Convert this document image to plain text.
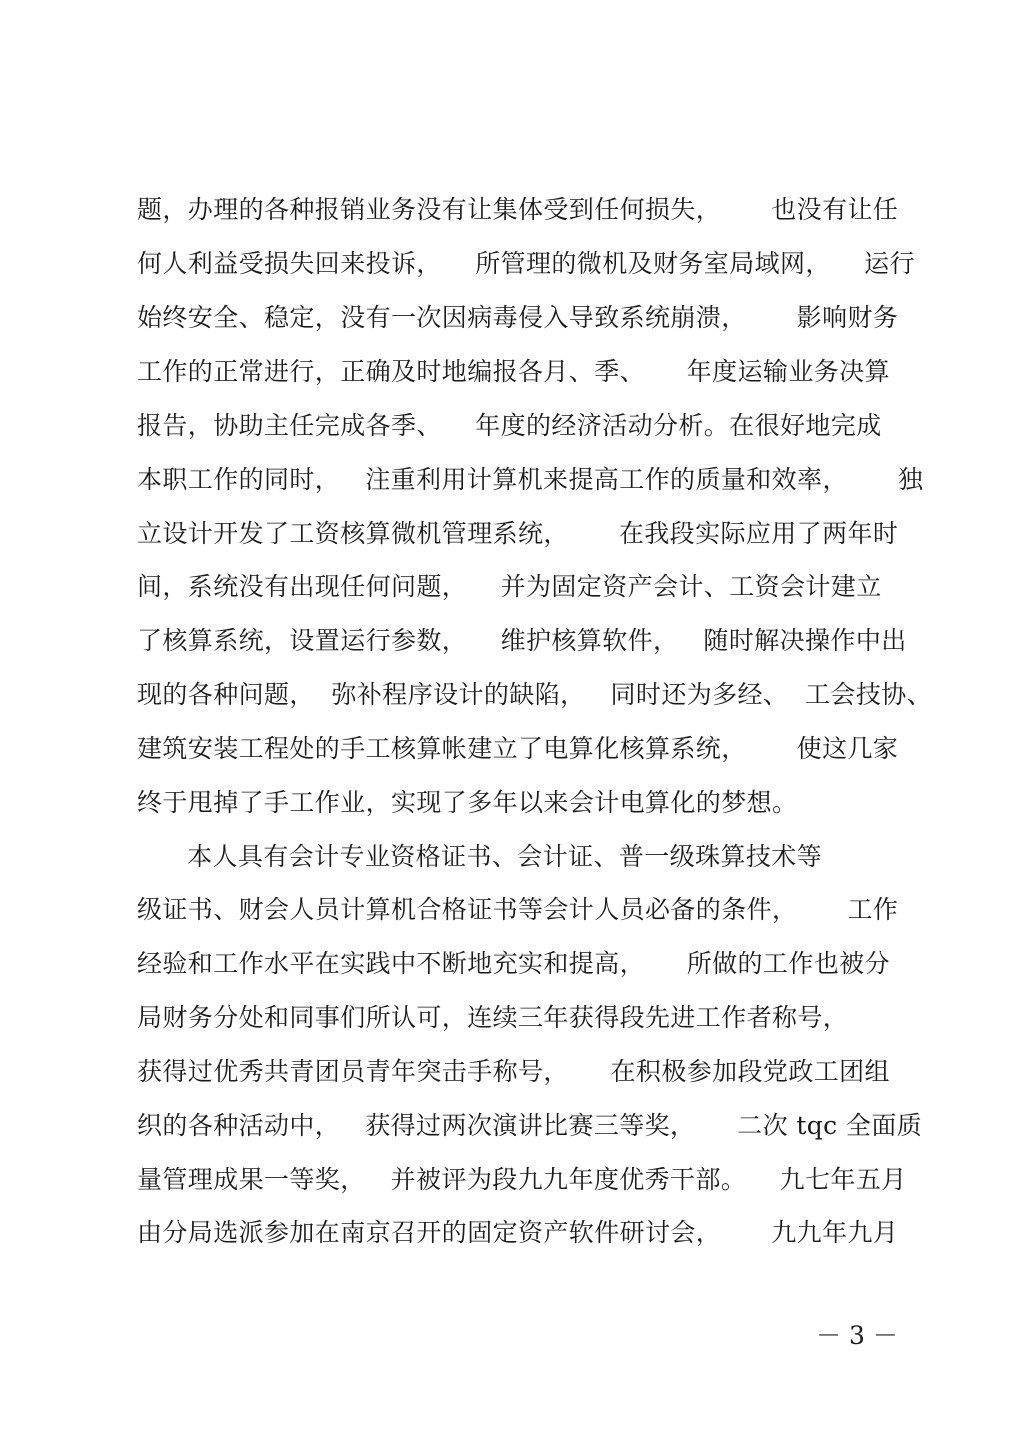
题，办理的各种报销业务没有让集体受到任何损失，      也没有让任
何人利益受损失回来投诉，    所管理的微机及财务室局域网，    运行
始终安全、稳定，没有一次因病毒侵入导致系统崩溃，      影响财务
工作的正常进行，正确及时地编报各月、季、     年度运输业务决算
报告，协助主任完成各季、    年度的经济活动分析。在很好地完成
本职工作的同时，   注重利用计算机来提高工作的质量和效率，      独
立设计开发了工资核算微机管理系统，      在我段实际应用了两年时
间，系统没有出现任何问题，    并为固定资产会计、工资会计建立
了核算系统，设置运行参数，    维护核算软件，   随时解决操作中出
现的各种问题，  弥补程序设计的缺陷，   同时还为多经、  工会技协、
建筑安装工程处的手工核算帐建立了电算化核算系统，      使这几家
终于甩掉了手工作业，实现了多年以来会计电算化的梦想。
本人具有会计专业资格证书、会计证、普一级珠算技术等
级证书、财会人员计算机合格证书等会计人员必备的条件，      工作
经验和工作水平在实践中不断地充实和提高，     所做的工作也被分
局财务分处和同事们所认可，连续三年获得段先进工作者称号，
获得过优秀共青团员青年突击手称号，     在积极参加段党政工团组
织的各种活动中，   获得过两次演讲比赛三等奖，     二次 tqc 全面质
量管理成果一等奖，   并被评为段九九年度优秀干部。    九七年五月
由分局选派参加在南京召开的固定资产软件研讨会，      九九年九月
－ 3 －
